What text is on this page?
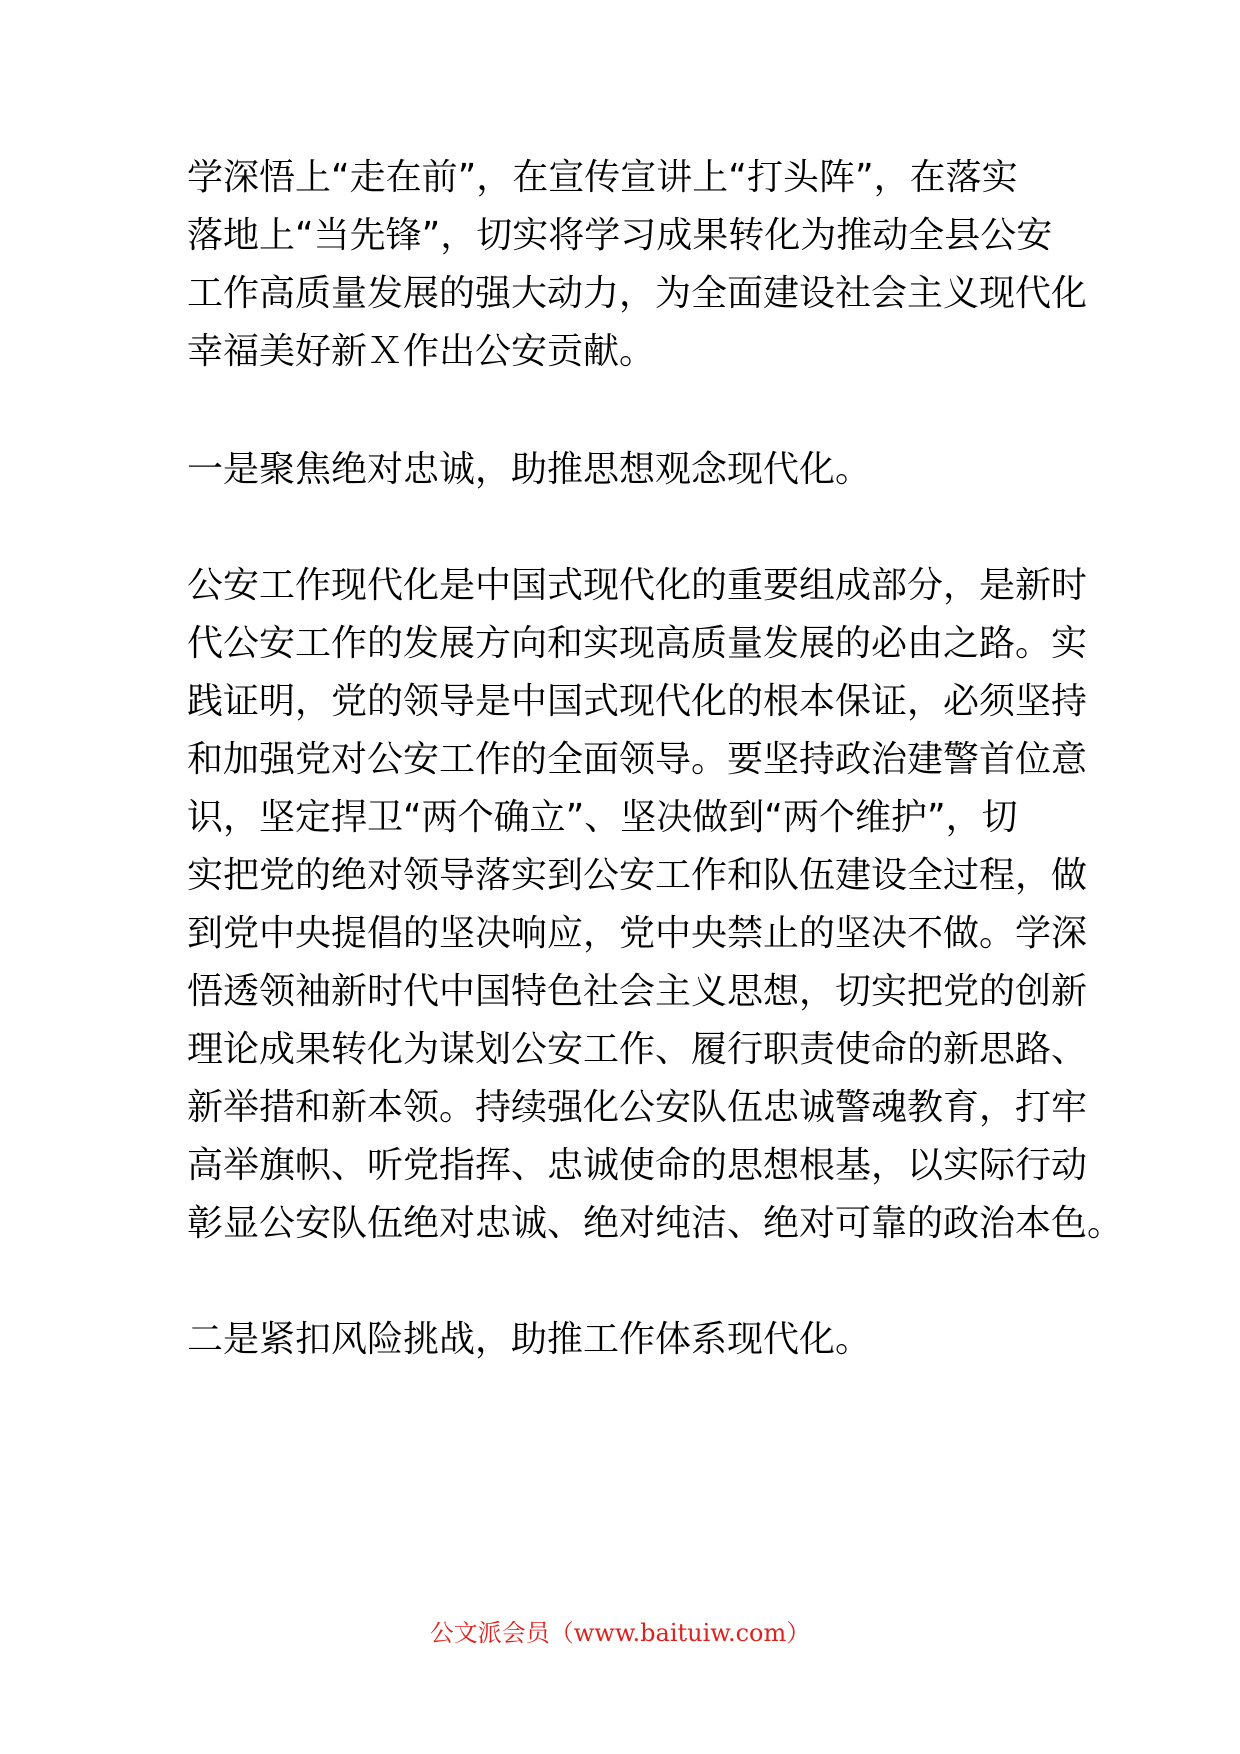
学深悟上“走在前”，在宣传宣讲上“打头阵”，在落实
落地上“当先锋”，切实将学习成果转化为推动全县公安
工作高质量发展的强大动力，为全面建设社会主义现代化
幸福美好新Ｘ作出公安贡献。
一是聚焦绝对忠诚，助推思想观念现代化。
公安工作现代化是中国式现代化的重要组成部分，是新时
代公安工作的发展方向和实现高质量发展的必由之路。实
践证明，党的领导是中国式现代化的根本保证，必须坚持
和加强党对公安工作的全面领导。要坚持政治建警首位意
识，坚定捍卫“两个确立”、坚决做到“两个维护”，切
实把党的绝对领导落实到公安工作和队伍建设全过程，做
到党中央提倡的坚决响应，党中央禁止的坚决不做。学深
悟透领袖新时代中国特色社会主义思想，切实把党的创新
理论成果转化为谋划公安工作、履行职责使命的新思路、
新举措和新本领。持续强化公安队伍忠诚警魂教育，打牢
高举旗帜、听党指挥、忠诚使命的思想根基，以实际行动
彰显公安队伍绝对忠诚、绝对纯洁、绝对可靠的政治本色。
二是紧扣风险挑战，助推工作体系现代化。
公文派会员（www.baituiw.com）
